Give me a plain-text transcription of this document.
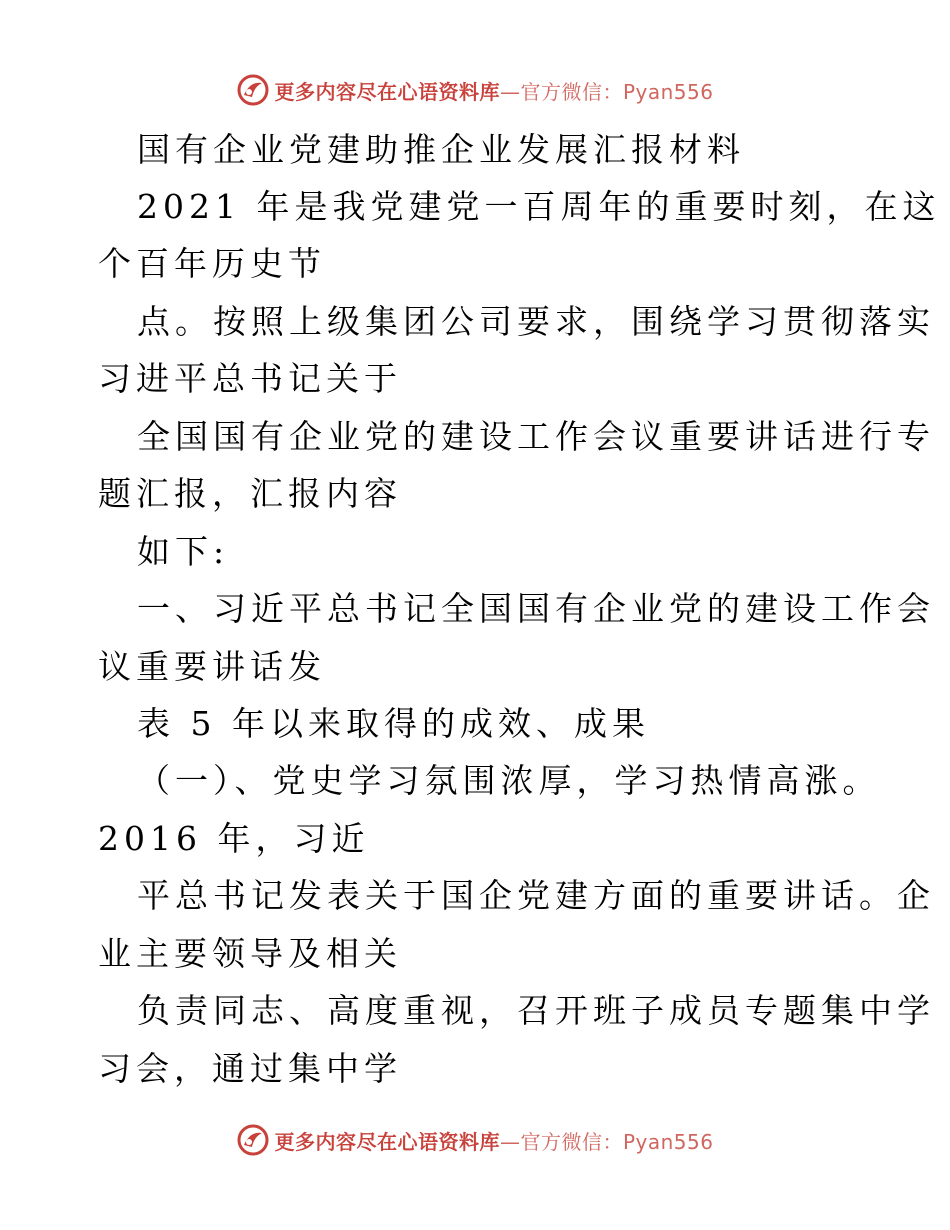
更多内容尽在心语资料库—官方微信：Pyan556
国有企业党建助推企业发展汇报材料
2021 年是我党建党一百周年的重要时刻，在这
个百年历史节
点。按照上级集团公司要求，围绕学习贯彻落实
习进平总书记关于
全国国有企业党的建设工作会议重要讲话进行专
题汇报，汇报内容
如下:
一、习近平总书记全国国有企业党的建设工作会
议重要讲话发
表 5 年以来取得的成效、成果
（一）、党史学习氛围浓厚，学习热情高涨。
2016 年，习近
平总书记发表关于国企党建方面的重要讲话。企
业主要领导及相关
负责同志、高度重视，召开班子成员专题集中学
习会，通过集中学
更多内容尽在心语资料库—官方微信：Pyan556
